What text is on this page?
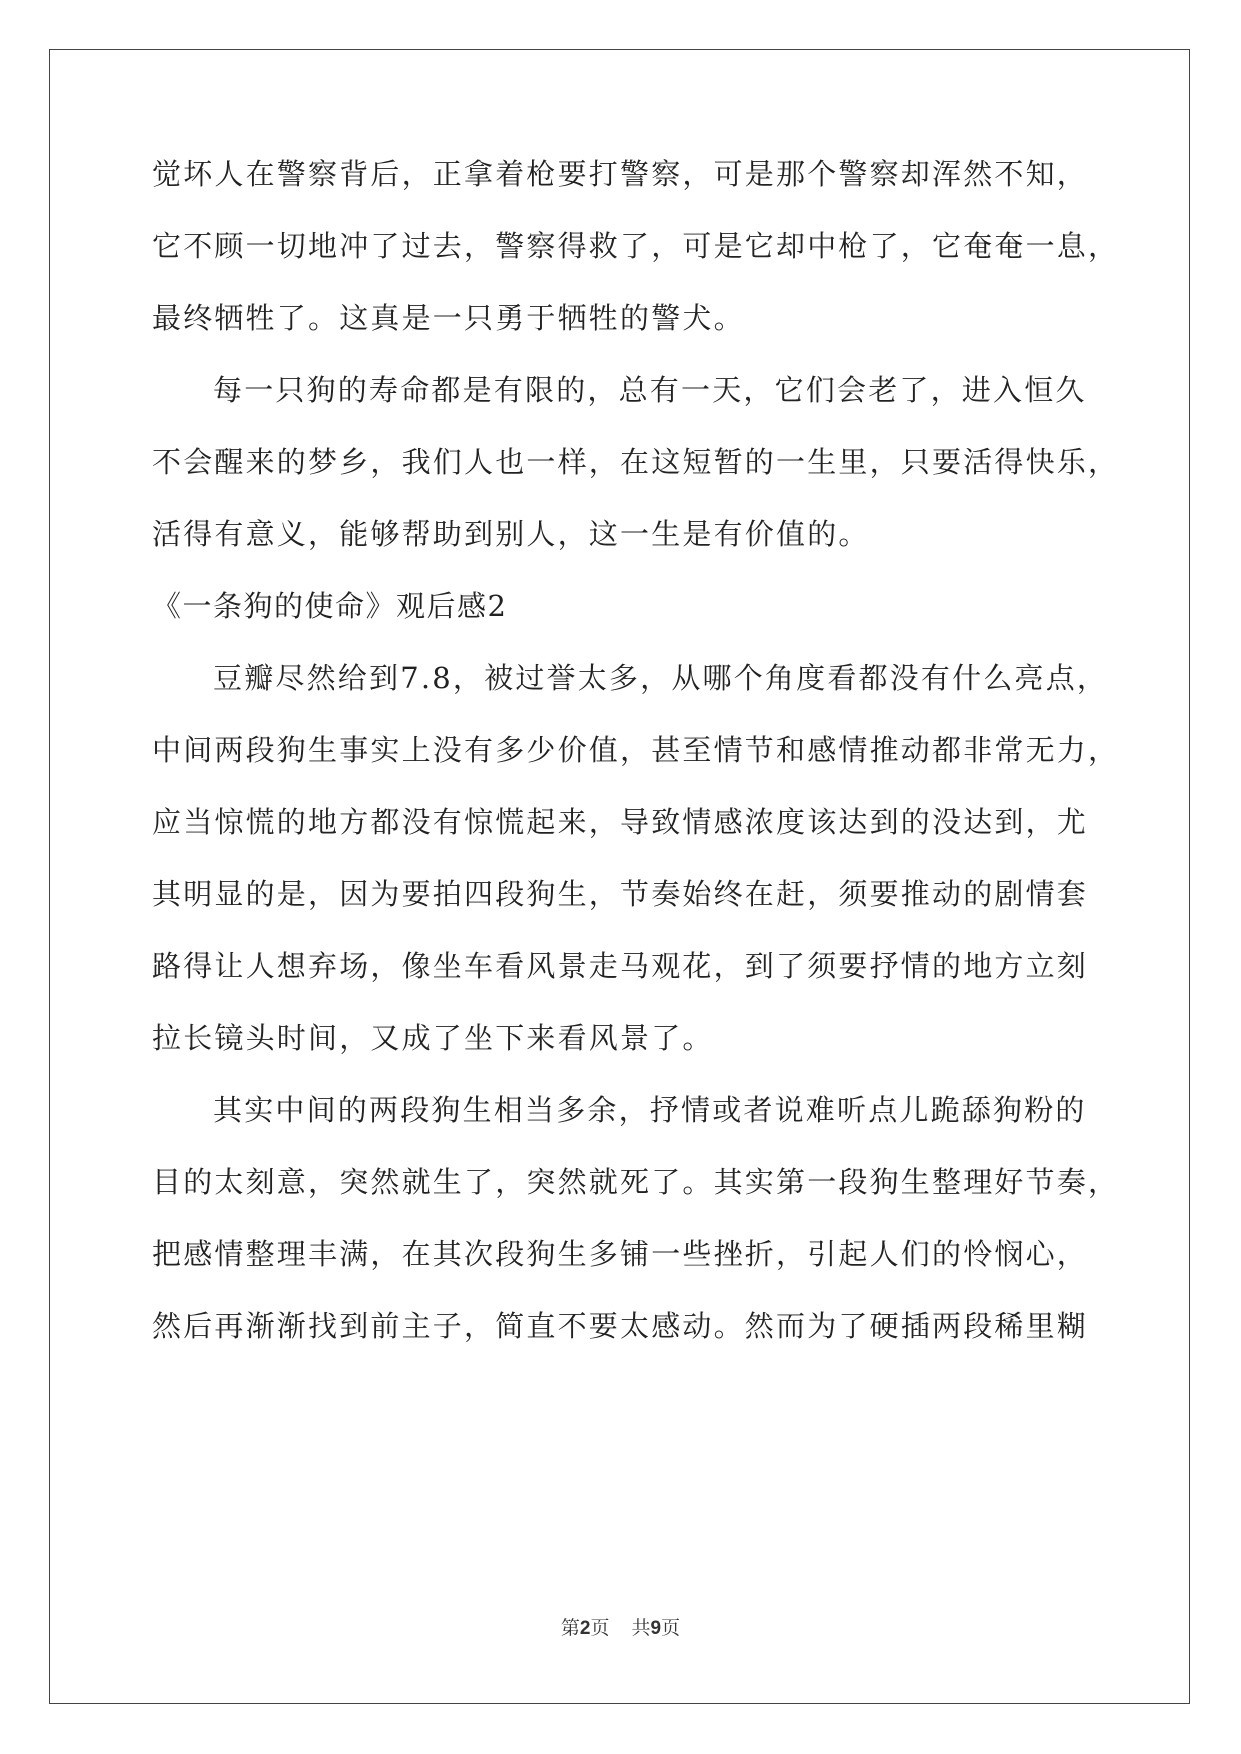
觉坏人在警察背后，正拿着枪要打警察，可是那个警察却浑然不知，
它不顾一切地冲了过去，警察得救了，可是它却中枪了，它奄奄一息，
最终牺牲了。这真是一只勇于牺牲的警犬。
每一只狗的寿命都是有限的，总有一天，它们会老了，进入恒久
不会醒来的梦乡，我们人也一样，在这短暂的一生里，只要活得快乐，
活得有意义，能够帮助到别人，这一生是有价值的。
《一条狗的使命》观后感2
豆瓣尽然给到7.8，被过誉太多，从哪个角度看都没有什么亮点，
中间两段狗生事实上没有多少价值，甚至情节和感情推动都非常无力，
应当惊慌的地方都没有惊慌起来，导致情感浓度该达到的没达到，尤
其明显的是，因为要拍四段狗生，节奏始终在赶，须要推动的剧情套
路得让人想弃场，像坐车看风景走马观花，到了须要抒情的地方立刻
拉长镜头时间，又成了坐下来看风景了。
其实中间的两段狗生相当多余，抒情或者说难听点儿跪舔狗粉的
目的太刻意，突然就生了，突然就死了。其实第一段狗生整理好节奏，
把感情整理丰满，在其次段狗生多铺一些挫折，引起人们的怜悯心，
然后再渐渐找到前主子，简直不要太感动。然而为了硬插两段稀里糊
第2页 共9页
